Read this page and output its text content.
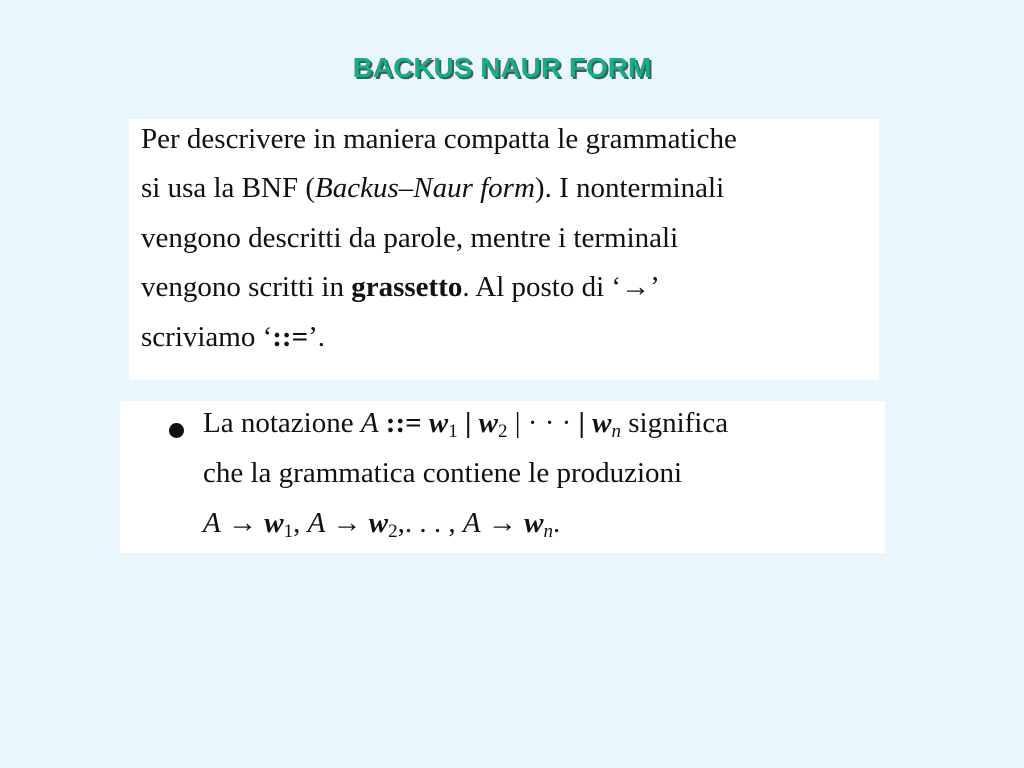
BACKUS NAUR FORM
Per descrivere in maniera compatta le grammatiche
si usa la BNF (Backus–Naur form). I nonterminali
vengono descritti da parole, mentre i terminali
vengono scritti in grassetto. Al posto di ‘→’
scriviamo ‘::=’.
La notazione A ::= $w_1$ | $w_2$ | · · · | $w_n$ significa
che la grammatica contiene le produzioni
$A \to w_1$, $A \to w_2$,. . . , $A \to w_n$.
